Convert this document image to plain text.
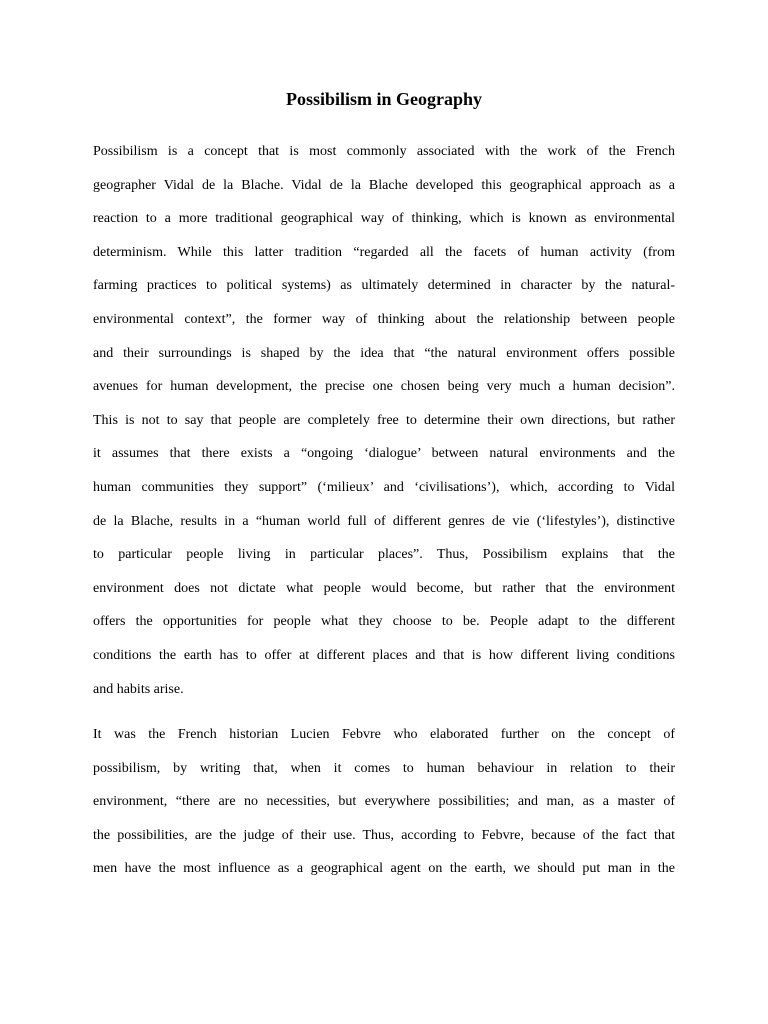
Possibilism in Geography
Possibilism is a concept that is most commonly associated with the work of the French
geographer Vidal de la Blache. Vidal de la Blache developed this geographical approach as a
reaction to a more traditional geographical way of thinking, which is known as environmental
determinism. While this latter tradition “regarded all the facets of human activity (from
farming practices to political systems) as ultimately determined in character by the natural-
environmental context”, the former way of thinking about the relationship between people
and their surroundings is shaped by the idea that “the natural environment offers possible
avenues for human development, the precise one chosen being very much a human decision”.
This is not to say that people are completely free to determine their own directions, but rather
it assumes that there exists a “ongoing ‘dialogue’ between natural environments and the
human communities they support” (‘milieux’ and ‘civilisations’), which, according to Vidal
de la Blache, results in a “human world full of different genres de vie (‘lifestyles’), distinctive
to particular people living in particular places”. Thus, Possibilism explains that the
environment does not dictate what people would become, but rather that the environment
offers the opportunities for people what they choose to be. People adapt to the different
conditions the earth has to offer at different places and that is how different living conditions
and habits arise.
It was the French historian Lucien Febvre who elaborated further on the concept of
possibilism, by writing that, when it comes to human behaviour in relation to their
environment, “there are no necessities, but everywhere possibilities; and man, as a master of
the possibilities, are the judge of their use. Thus, according to Febvre, because of the fact that
men have the most influence as a geographical agent on the earth, we should put man in the
